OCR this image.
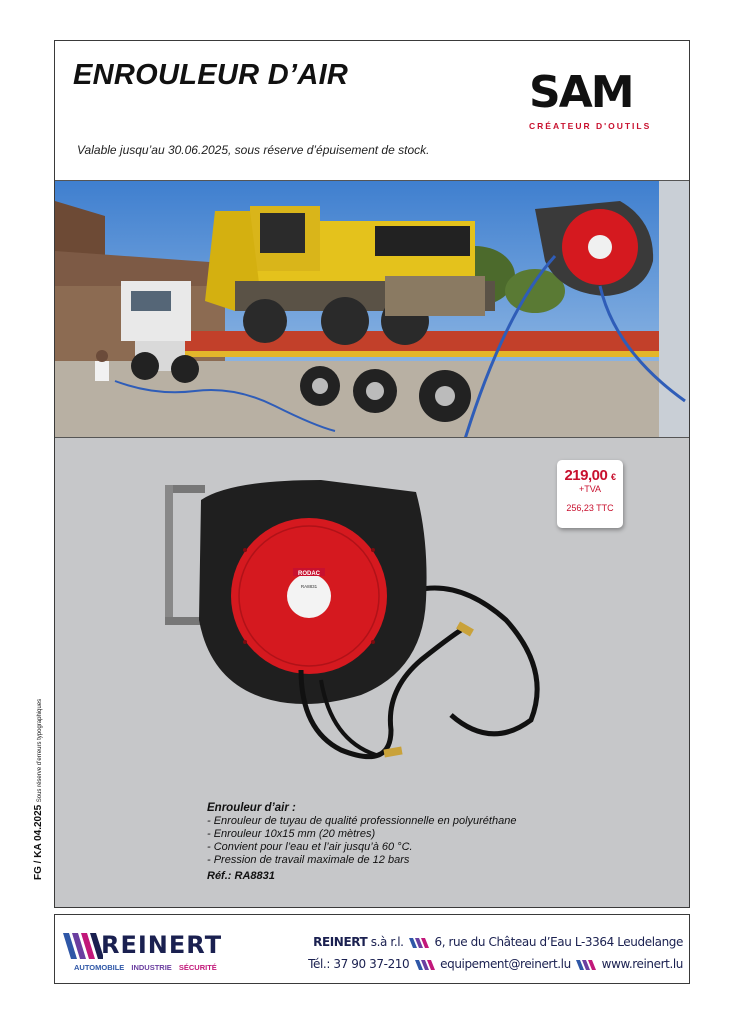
ENROULEUR D’AIR
Valable jusqu’au 30.06.2025, sous réserve d’épuisement de stock.
SAM
CRÉATEUR D'OUTILS
219,00 €
+TVA
256,23 TTC
RODAC
RA8831
Enrouleur d’air :
- Enrouleur de tuyau de qualité professionnelle en polyuréthane
- Enrouleur 10x15 mm (20 mètres)
- Convient pour l’eau et l’air jusqu’à 60 °C.
- Pression de travail maximale de 12 bars
Réf.: RA8831
FG / KA 04.2025 Sous réserve d’erreurs typographiques
REINERT
AUTOMOBILE INDUSTRIE SÉCURITÉ
REINERT s.à r.l.	6, rue du Château d’Eau L-3364 Leudelange
Tél.: 37 90 37-210	equipement@reinert.lu	www.reinert.lu
